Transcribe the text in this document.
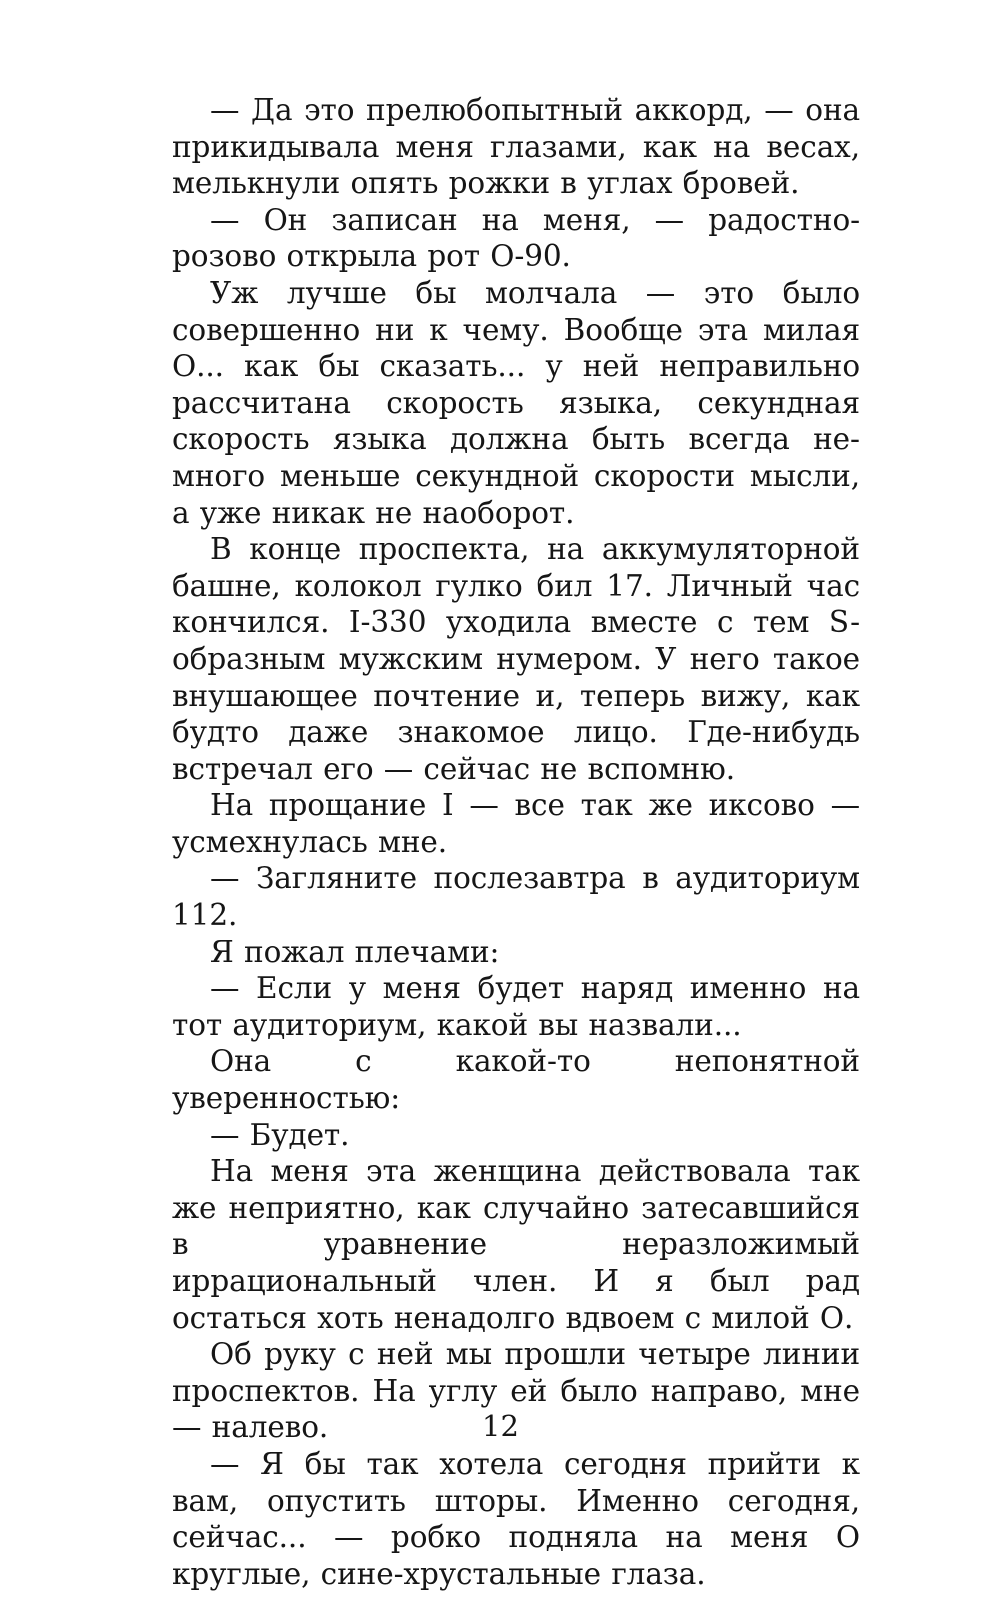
— Да это прелюбопытный аккорд, — она прикидывала меня глазами, как на весах, мелькнули опять рожки в углах бровей.

— Он записан на меня, — радостно-розово открыла рот О-90.

Уж лучше бы молчала — это было совершенно ни к чему. Вообще эта милая О... как бы сказать... у ней неправильно рассчитана скорость языка, секундная скорость языка должна быть всегда немного меньше секундной скорости мысли, а уже никак не наоборот.

В конце проспекта, на аккумуляторной башне, колокол гулко бил 17. Личный час кончился. I-330 уходила вместе с тем S-образным мужским нумером. У него такое внушающее почтение и, теперь вижу, как будто даже знакомое лицо. Где-нибудь встречал его — сейчас не вспомню.

На прощание I — все так же иксово — усмехнулась мне.

— Загляните послезавтра в аудиториум 112.

Я пожал плечами:

— Если у меня будет наряд именно на тот аудиториум, какой вы назвали...

Она с какой-то непонятной уверенностью:

— Будет.

На меня эта женщина действовала так же неприятно, как случайно затесавшийся в уравнение неразложимый иррациональный член. И я был рад остаться хоть ненадолго вдвоем с милой О.

Об руку с ней мы прошли четыре линии проспектов. На углу ей было направо, мне — налево.

— Я бы так хотела сегодня прийти к вам, опустить шторы. Именно сегодня, сейчас... — робко подняла на меня О круглые, сине-хрустальные глаза.

12
